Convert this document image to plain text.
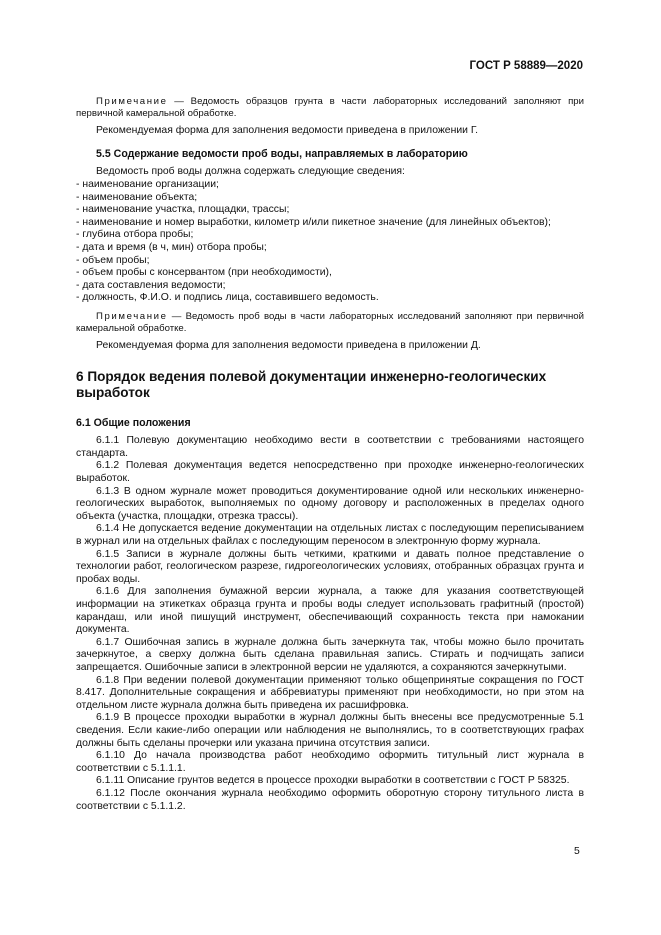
ГОСТ Р 58889—2020

Примечание — Ведомость образцов грунта в части лабораторных исследований заполняют при первичной камеральной обработке.

Рекомендуемая форма для заполнения ведомости приведена в приложении Г.

5.5 Содержание ведомости проб воды, направляемых в лабораторию

Ведомость проб воды должна содержать следующие сведения:

- наименование организации;
- наименование объекта;
- наименование участка, площадки, трассы;
- наименование и номер выработки, километр и/или пикетное значение (для линейных объектов);
- глубина отбора пробы;
- дата и время (в ч, мин) отбора пробы;
- объем пробы;
- объем пробы с консервантом (при необходимости),
- дата составления ведомости;
- должность, Ф.И.О. и подпись лица, составившего ведомость.

Примечание — Ведомость проб воды в части лабораторных исследований заполняют при первичной камеральной обработке.

Рекомендуемая форма для заполнения ведомости приведена в приложении Д.

6 Порядок ведения полевой документации инженерно-геологических
выработок

6.1 Общие положения

6.1.1 Полевую документацию необходимо вести в соответствии с требованиями настоящего стандарта.

6.1.2 Полевая документация ведется непосредственно при проходке инженерно-геологических выработок.

6.1.3 В одном журнале может проводиться документирование одной или нескольких инженерно-геологических выработок, выполняемых по одному договору и расположенных в пределах одного объекта (участка, площадки, отрезка трассы).

6.1.4 Не допускается ведение документации на отдельных листах с последующим переписыванием в журнал или на отдельных файлах с последующим переносом в электронную форму журнала.

6.1.5 Записи в журнале должны быть четкими, краткими и давать полное представление о технологии работ, геологическом разрезе, гидрогеологических условиях, отобранных образцах грунта и пробах воды.

6.1.6 Для заполнения бумажной версии журнала, а также для указания соответствующей информации на этикетках образца грунта и пробы воды следует использовать графитный (простой) карандаш, или иной пишущий инструмент, обеспечивающий сохранность текста при намокании документа.

6.1.7 Ошибочная запись в журнале должна быть зачеркнута так, чтобы можно было прочитать зачеркнутое, а сверху должна быть сделана правильная запись. Стирать и подчищать записи запрещается. Ошибочные записи в электронной версии не удаляются, а сохраняются зачеркнутыми.

6.1.8 При ведении полевой документации применяют только общепринятые сокращения по ГОСТ 8.417. Дополнительные сокращения и аббревиатуры применяют при необходимости, но при этом на отдельном листе журнала должна быть приведена их расшифровка.

6.1.9 В процессе проходки выработки в журнал должны быть внесены все предусмотренные 5.1 сведения. Если какие-либо операции или наблюдения не выполнялись, то в соответствующих графах должны быть сделаны прочерки или указана причина отсутствия записи.

6.1.10 До начала производства работ необходимо оформить титульный лист журнала в соответствии с 5.1.1.1.

6.1.11 Описание грунтов ведется в процессе проходки выработки в соответствии с ГОСТ Р 58325.

6.1.12 После окончания журнала необходимо оформить оборотную сторону титульного листа в соответствии с 5.1.1.2.

5
